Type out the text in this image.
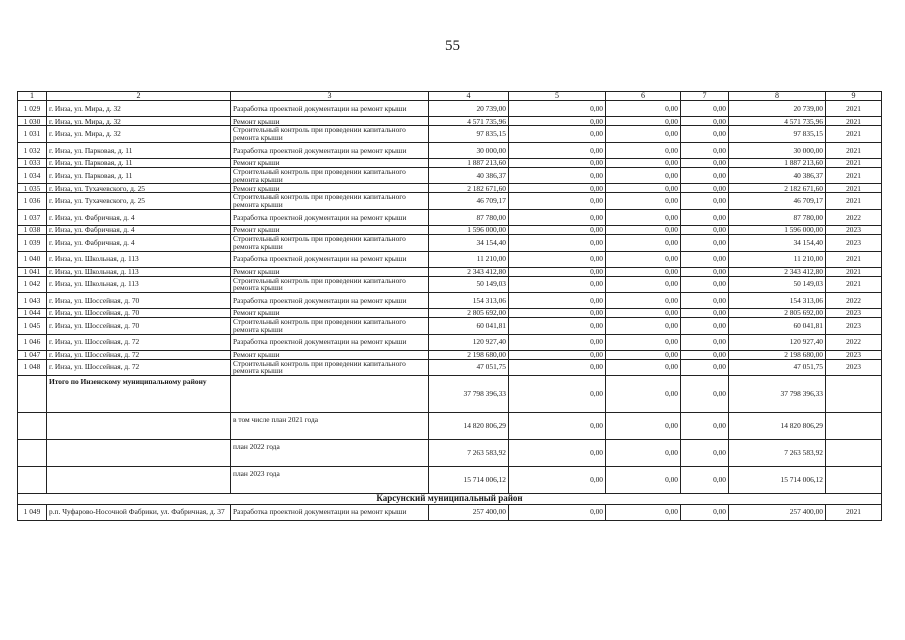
55
1	2	3	4	5	6	7	8	9
1 029	г. Инза, ул. Мира, д. 32	Разработка проектной документации на ремонт крыши	20 739,00	0,00	0,00	0,00	20 739,00	2021
1 030	г. Инза, ул. Мира, д. 32	Ремонт крыши	4 571 735,96	0,00	0,00	0,00	4 571 735,96	2021
1 031	г. Инза, ул. Мира, д. 32	Строительный контроль при проведении капитального ремонта крыши	97 835,15	0,00	0,00	0,00	97 835,15	2021
1 032	г. Инза, ул. Парковая, д. 11	Разработка проектной документации на ремонт крыши	30 000,00	0,00	0,00	0,00	30 000,00	2021
1 033	г. Инза, ул. Парковая, д. 11	Ремонт крыши	1 887 213,60	0,00	0,00	0,00	1 887 213,60	2021
1 034	г. Инза, ул. Парковая, д. 11	Строительный контроль при проведении капитального ремонта крыши	40 386,37	0,00	0,00	0,00	40 386,37	2021
1 035	г. Инза, ул. Тухачевского, д. 25	Ремонт крыши	2 182 671,60	0,00	0,00	0,00	2 182 671,60	2021
1 036	г. Инза, ул. Тухачевского, д. 25	Строительный контроль при проведении капитального ремонта крыши	46 709,17	0,00	0,00	0,00	46 709,17	2021
1 037	г. Инза, ул. Фабричная, д. 4	Разработка проектной документации на ремонт крыши	87 780,00	0,00	0,00	0,00	87 780,00	2022
1 038	г. Инза, ул. Фабричная, д. 4	Ремонт крыши	1 596 000,00	0,00	0,00	0,00	1 596 000,00	2023
1 039	г. Инза, ул. Фабричная, д. 4	Строительный контроль при проведении капитального ремонта крыши	34 154,40	0,00	0,00	0,00	34 154,40	2023
1 040	г. Инза, ул. Школьная, д. 113	Разработка проектной документации на ремонт крыши	11 210,00	0,00	0,00	0,00	11 210,00	2021
1 041	г. Инза, ул. Школьная, д. 113	Ремонт крыши	2 343 412,80	0,00	0,00	0,00	2 343 412,80	2021
1 042	г. Инза, ул. Школьная, д. 113	Строительный контроль при проведении капитального ремонта крыши	50 149,03	0,00	0,00	0,00	50 149,03	2021
1 043	г. Инза, ул. Шоссейная, д. 70	Разработка проектной документации на ремонт крыши	154 313,06	0,00	0,00	0,00	154 313,06	2022
1 044	г. Инза, ул. Шоссейная, д. 70	Ремонт крыши	2 805 692,00	0,00	0,00	0,00	2 805 692,00	2023
1 045	г. Инза, ул. Шоссейная, д. 70	Строительный контроль при проведении капитального ремонта крыши	60 041,81	0,00	0,00	0,00	60 041,81	2023
1 046	г. Инза, ул. Шоссейная, д. 72	Разработка проектной документации на ремонт крыши	120 927,40	0,00	0,00	0,00	120 927,40	2022
1 047	г. Инза, ул. Шоссейная, д. 72	Ремонт крыши	2 198 680,00	0,00	0,00	0,00	2 198 680,00	2023
1 048	г. Инза, ул. Шоссейная, д. 72	Строительный контроль при проведении капитального ремонта крыши	47 051,75	0,00	0,00	0,00	47 051,75	2023
	Итого по Инзенскому муниципальному району		37 798 396,33	0,00	0,00	0,00	37 798 396,33	
		в том числе план 2021 года	14 820 806,29	0,00	0,00	0,00	14 820 806,29	
		план 2022 года	7 263 583,92	0,00	0,00	0,00	7 263 583,92	
		план 2023 года	15 714 006,12	0,00	0,00	0,00	15 714 006,12	
Карсунский муниципальный район								
1 049	р.п. Чуфарово-Носочной Фабрики, ул. Фабричная, д. 37	Разработка проектной документации на ремонт крыши	257 400,00	0,00	0,00	0,00	257 400,00	2021
